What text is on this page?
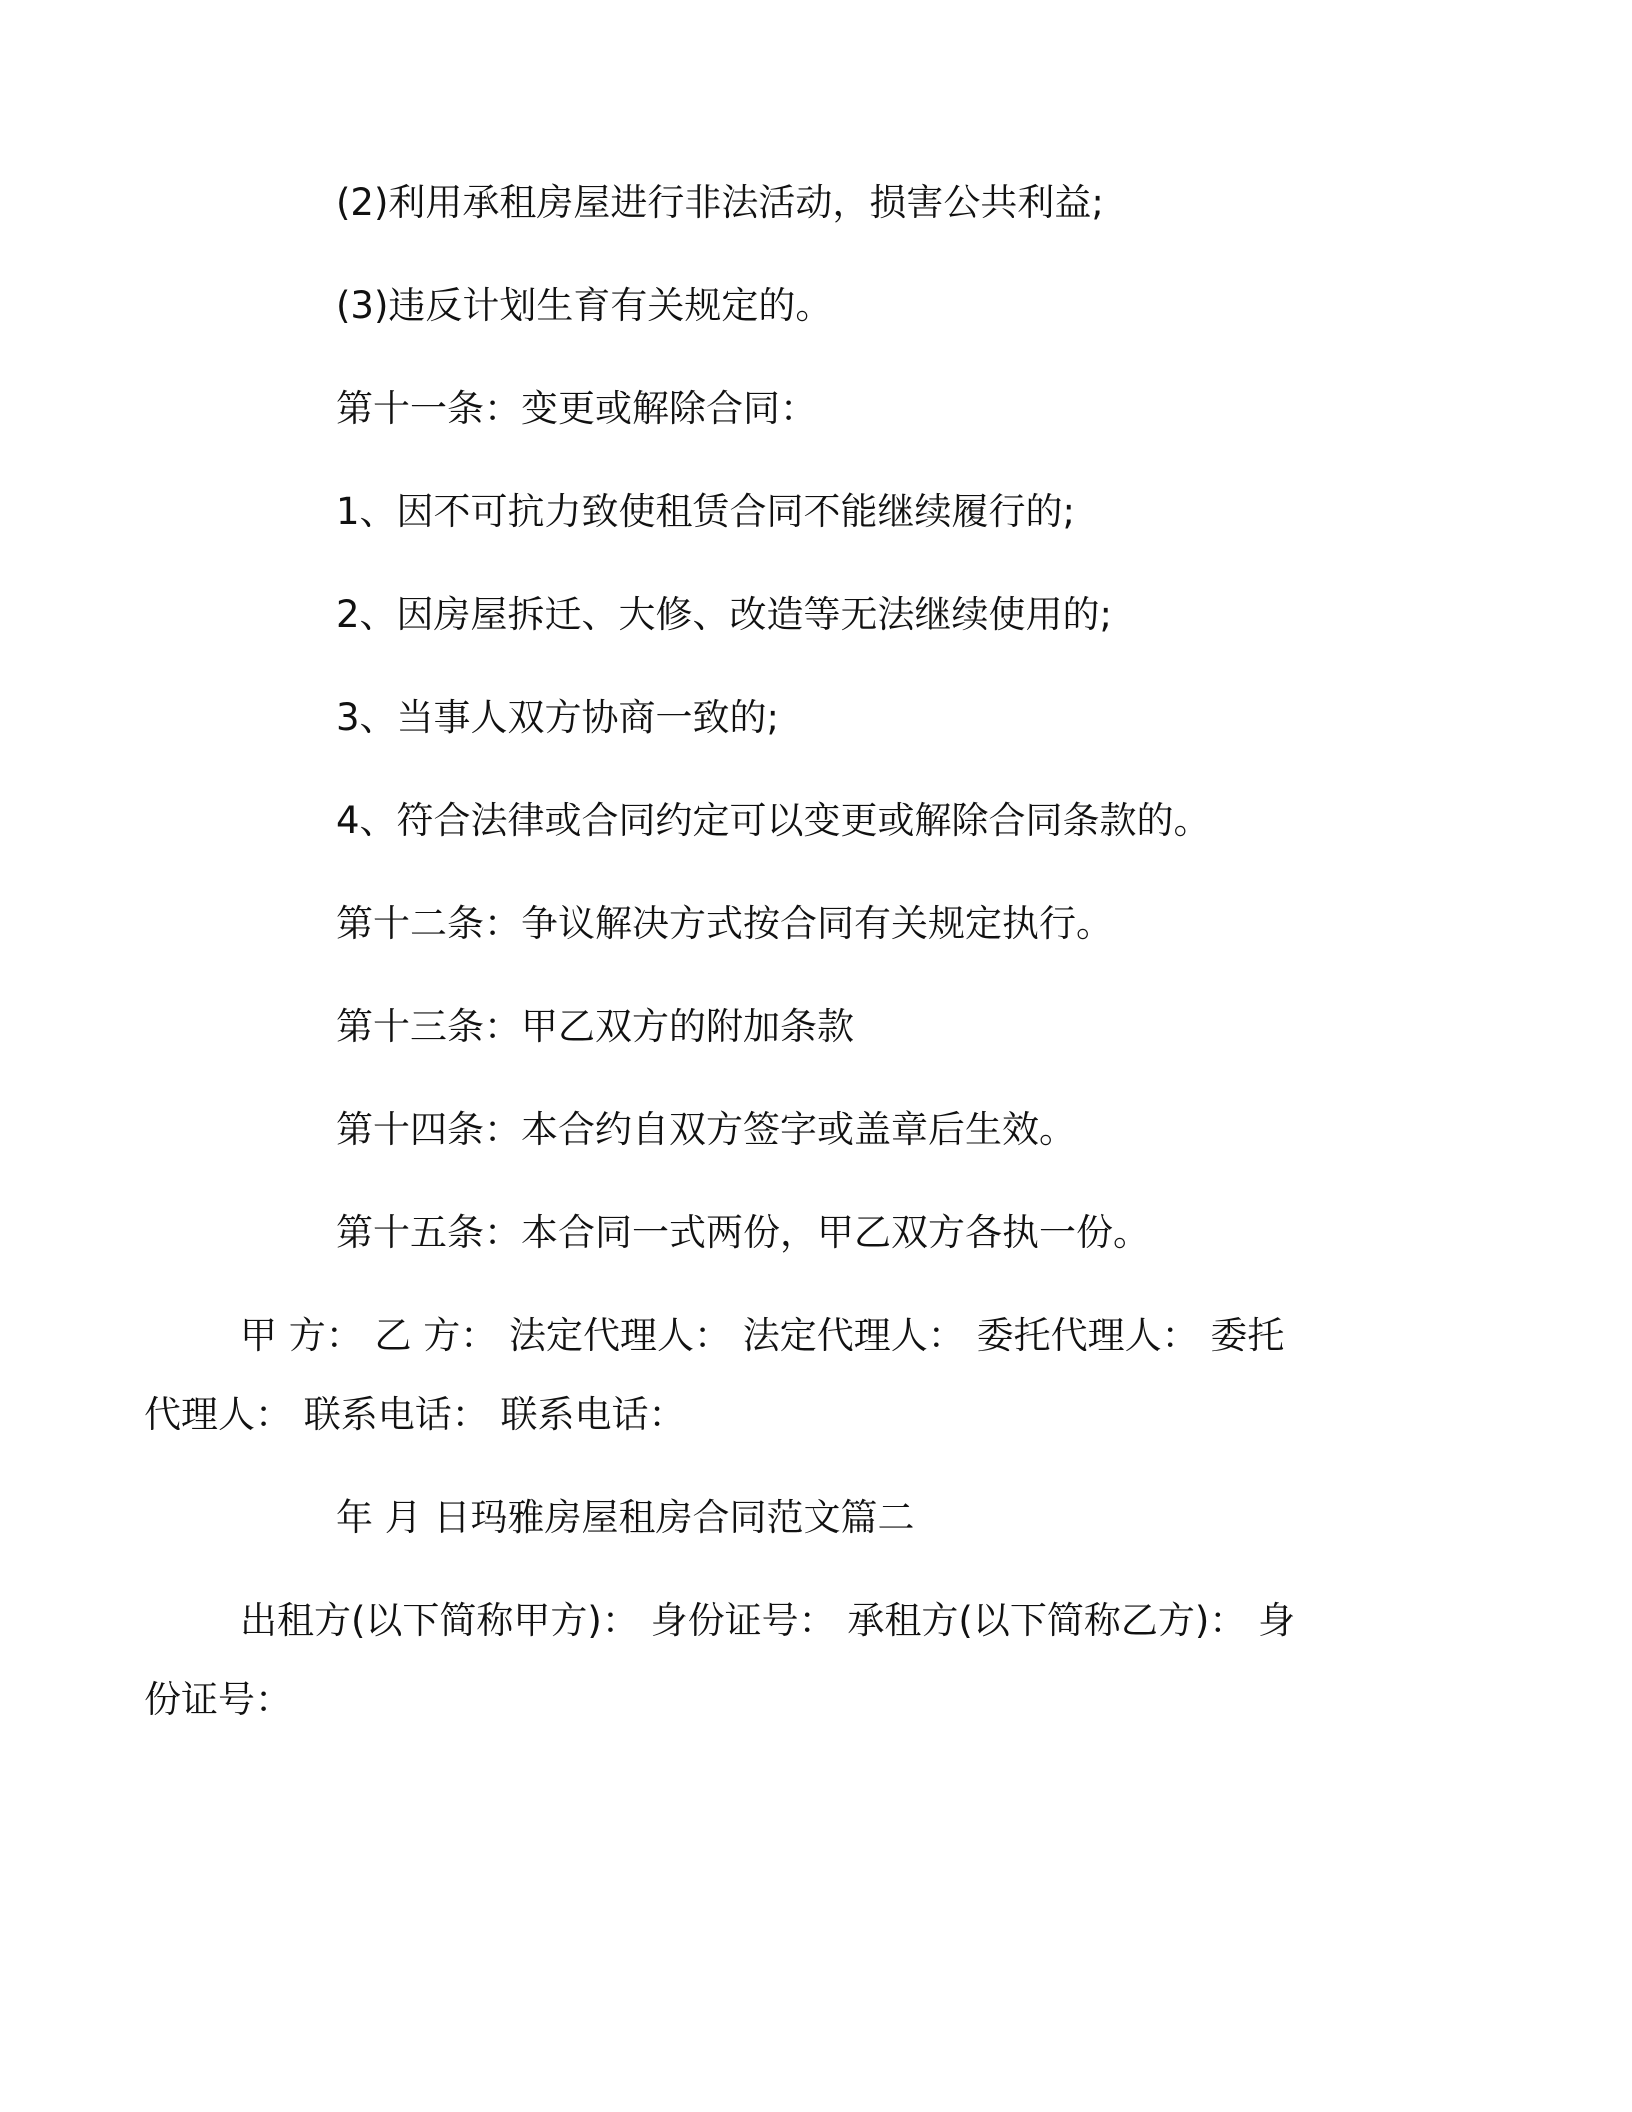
(2)利用承租房屋进行非法活动，损害公共利益;

(3)违反计划生育有关规定的。

第十一条：变更或解除合同：

1、因不可抗力致使租赁合同不能继续履行的;

2、因房屋拆迁、大修、改造等无法继续使用的;

3、当事人双方协商一致的;

4、符合法律或合同约定可以变更或解除合同条款的。

第十二条：争议解决方式按合同有关规定执行。

第十三条：甲乙双方的附加条款

第十四条：本合约自双方签字或盖章后生效。

第十五条：本合同一式两份，甲乙双方各执一份。

甲 方： 乙 方： 法定代理人： 法定代理人： 委托代理人： 委托
代理人： 联系电话： 联系电话：

年 月 日玛雅房屋租房合同范文篇二

出租方(以下简称甲方)： 身份证号： 承租方(以下简称乙方)： 身
份证号：
